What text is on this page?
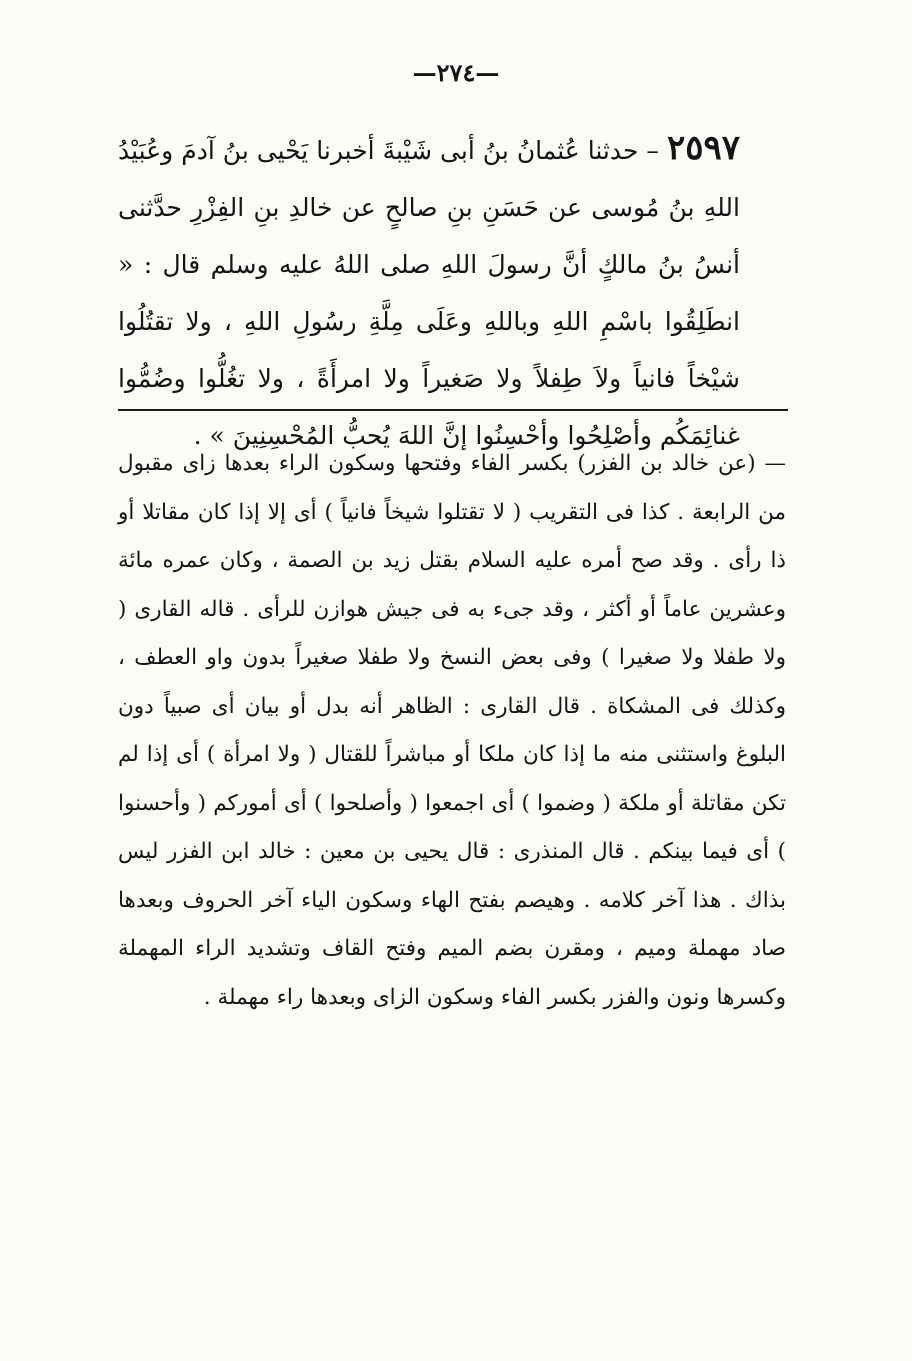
—٢٧٤—
٢٥٩٧ – حدثنا عُثمانُ بنُ أبى شَيْبةَ أخبرنا يَحْيى بنُ آدمَ وعُبَيْدُ اللهِ بنُ مُوسى عن حَسَنِ بنِ صالحٍ عن خالدِ بنِ الفِزْرِ حدَّثنى أنسُ بنُ مالكٍ أنَّ رسولَ اللهِ صلى اللهُ عليه وسلم قال : « انطَلِقُوا باسْمِ اللهِ وباللهِ وعَلَى مِلَّةِ رسُولِ اللهِ ، ولا تقتُلُوا شيْخاً فانياً ولاَ طِفلاً ولا صَغيراً ولا امرأَةً ، ولا تغُلُّوا وضُمُّوا غنائِمَكُم وأصْلِحُوا وأحْسِنُوا إنَّ اللهَ يُحبُّ المُحْسِنِينَ » .
— (عن خالد بن الفزر) بكسر الفاء وفتحها وسكون الراء بعدها زاى مقبول من الرابعة . كذا فى التقريب ( لا تقتلوا شيخاً فانياً ) أى إلا إذا كان مقاتلا أو ذا رأى . وقد صح أمره عليه السلام بقتل زيد بن الصمة ، وكان عمره مائة وعشرين عاماً أو أكثر ، وقد جىء به فى جيش هوازن للرأى . قاله القارى ( ولا طفلا ولا صغيرا ) وفى بعض النسخ ولا طفلا صغيراً بدون واو العطف ، وكذلك فى المشكاة . قال القارى : الظاهر أنه بدل أو بيان أى صبياً دون البلوغ واستثنى منه ما إذا كان ملكا أو مباشراً للقتال ( ولا امرأة ) أى إذا لم تكن مقاتلة أو ملكة ( وضموا ) أى اجمعوا ( وأصلحوا ) أى أموركم ( وأحسنوا ) أى فيما بينكم . قال المنذرى : قال يحيى بن معين : خالد ابن الفزر ليس بذاك . هذا آخر كلامه . وهيصم بفتح الهاء وسكون الياء آخر الحروف وبعدها صاد مهملة وميم ، ومقرن بضم الميم وفتح القاف وتشديد الراء المهملة وكسرها ونون والفزر بكسر الفاء وسكون الزاى وبعدها راء مهملة .
